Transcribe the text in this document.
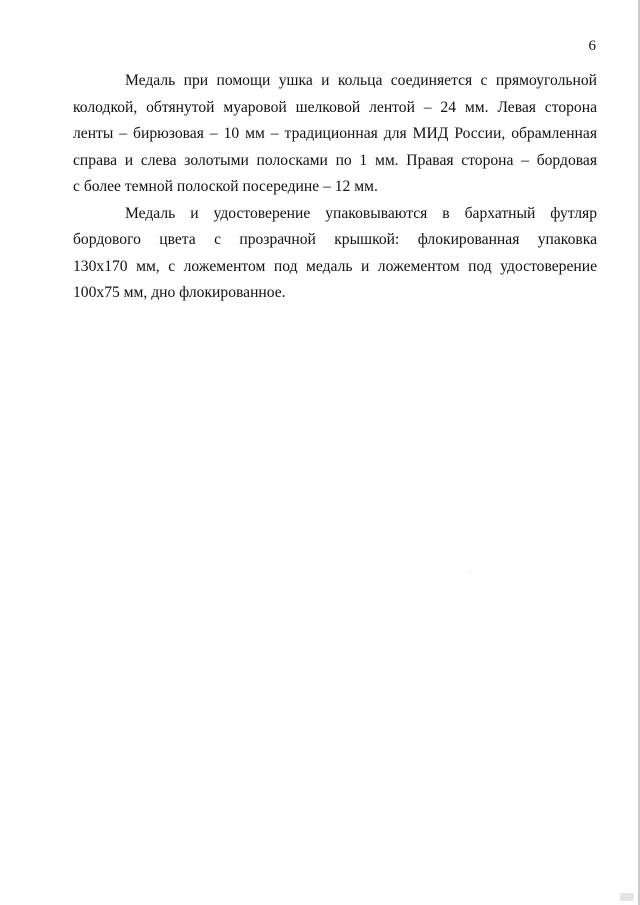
6
Медаль при помощи ушка и кольца соединяется с прямоугольной
колодкой, обтянутой муаровой шелковой лентой – 24 мм. Левая сторона
ленты – бирюзовая – 10 мм – традиционная для МИД России, обрамленная
справа и слева золотыми полосками по 1 мм. Правая сторона – бордовая
с более темной полоской посередине – 12 мм.
Медаль и удостоверение упаковываются в бархатный футляр
бордового цвета с прозрачной крышкой: флокированная упаковка
130х170 мм, с ложементом под медаль и ложементом под удостоверение
100х75 мм, дно флокированное.
